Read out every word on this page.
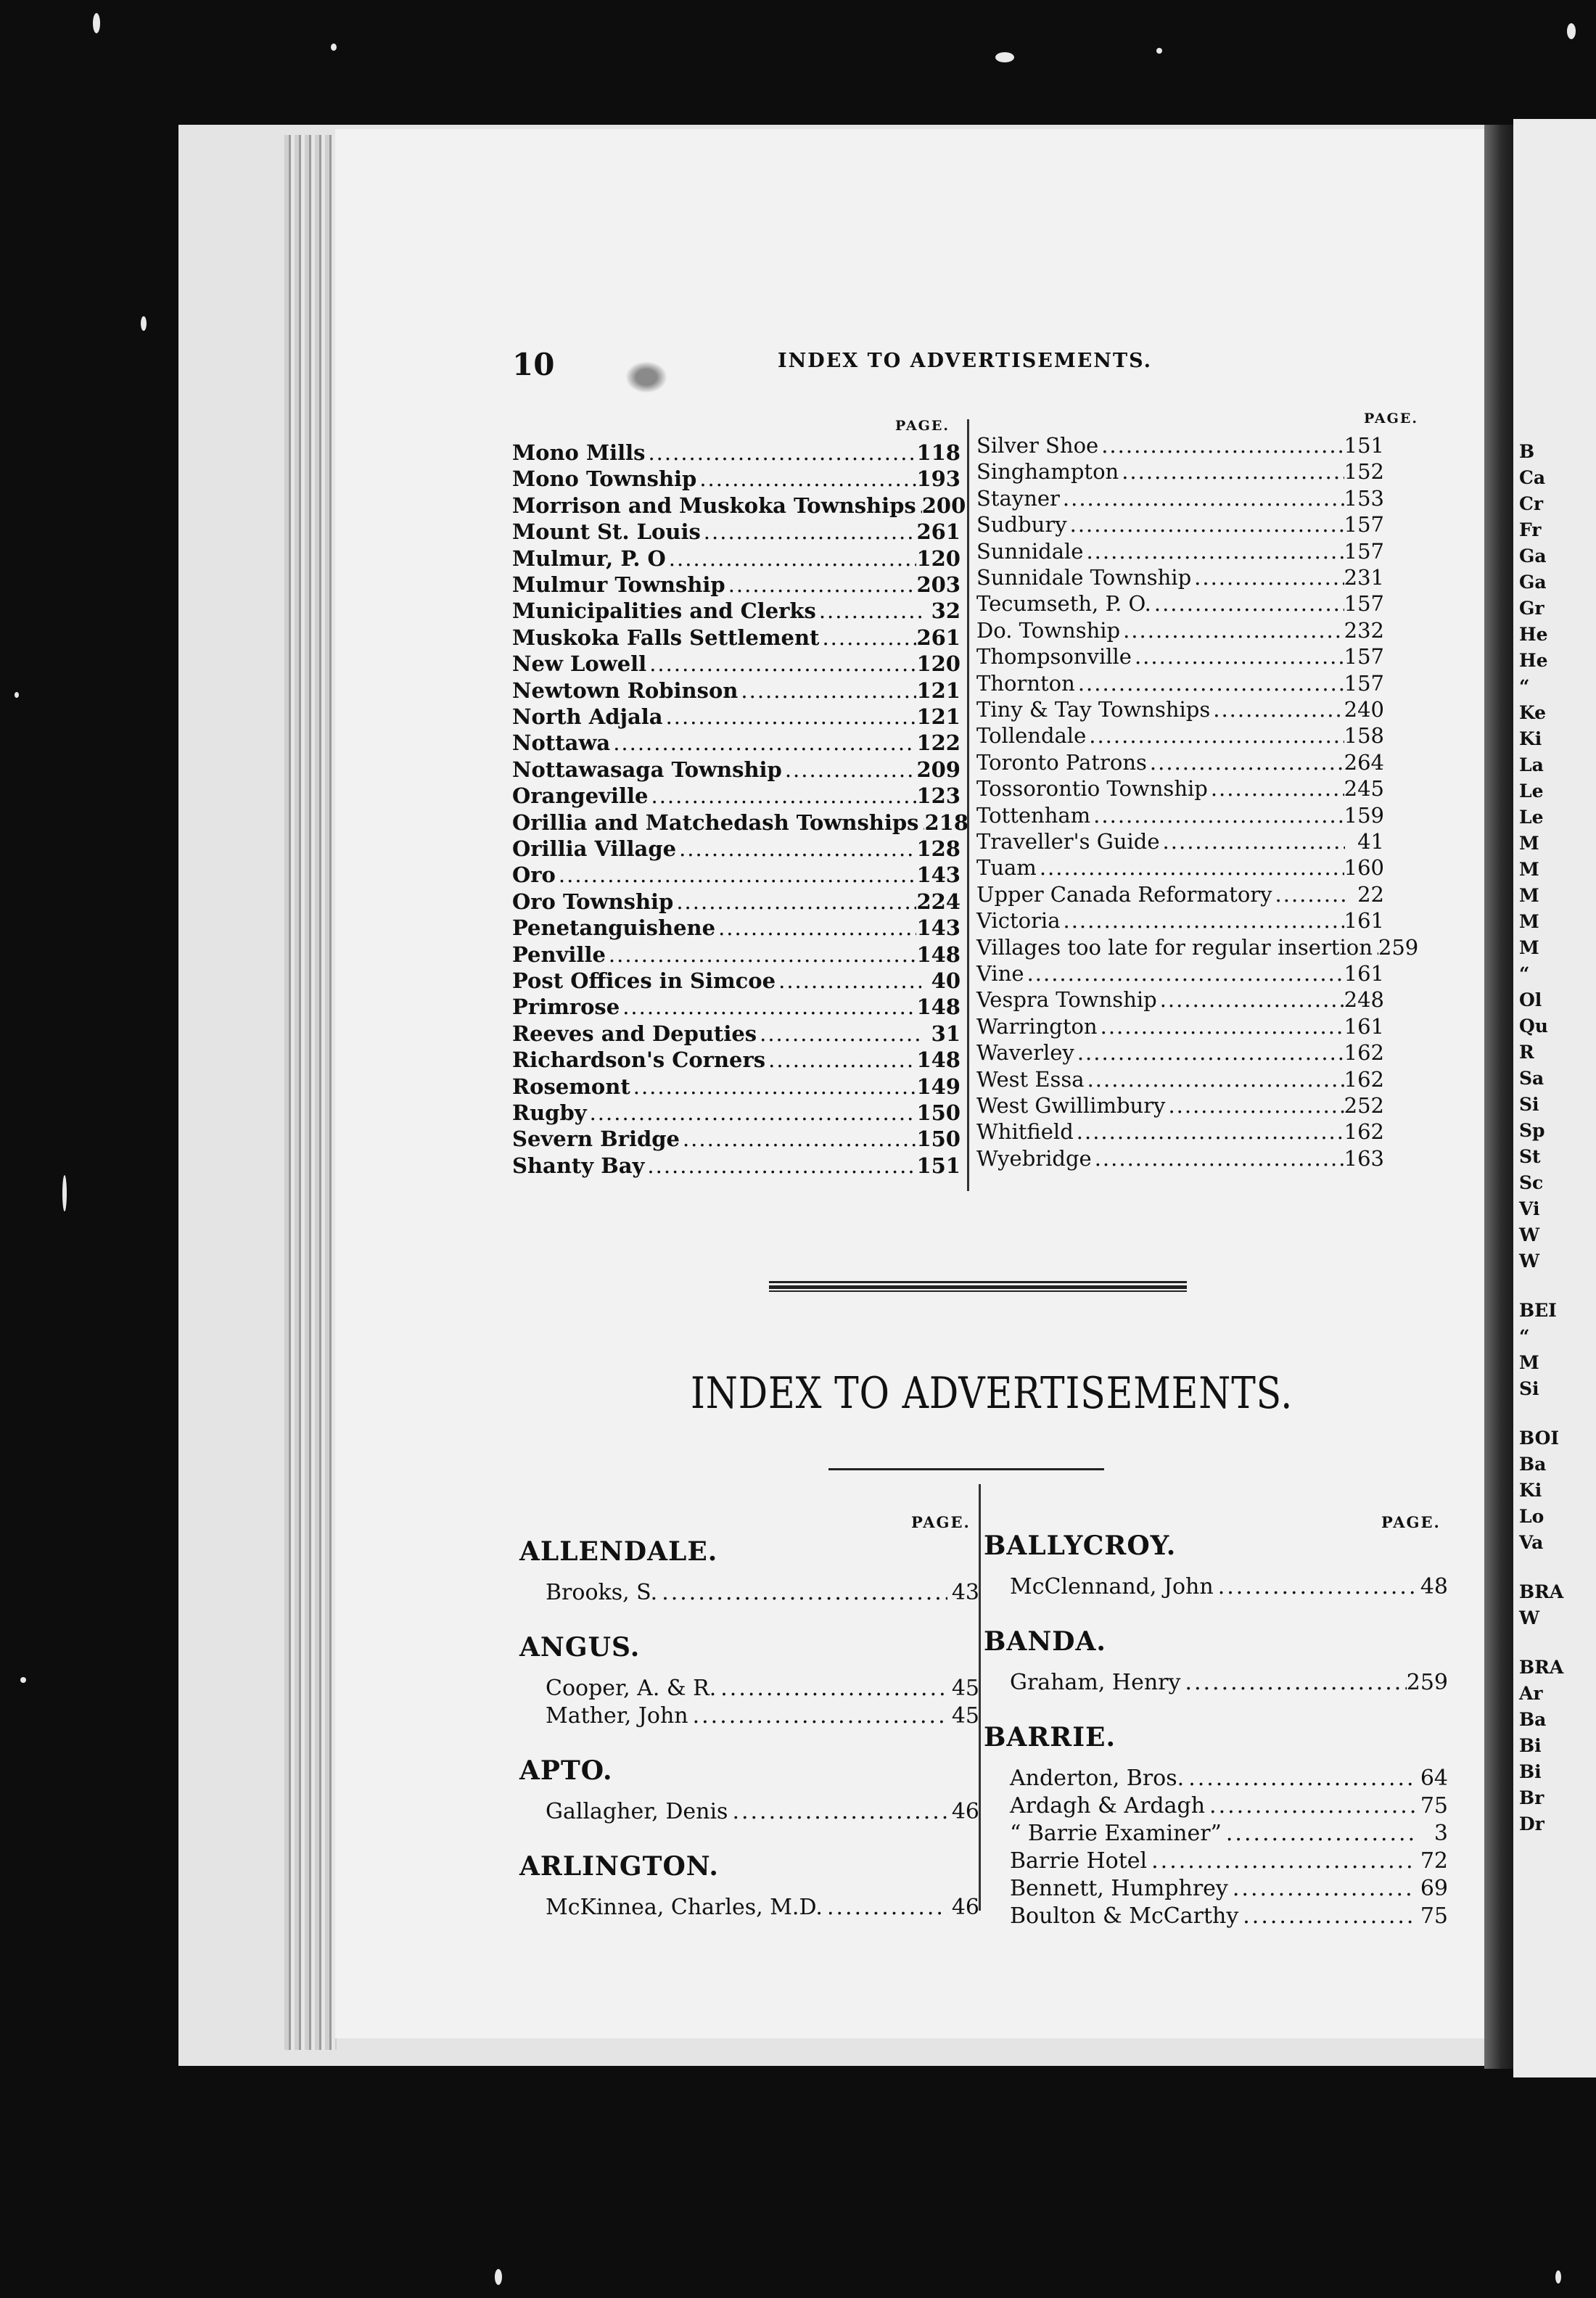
B
Ca
Cr
Fr
Ga
Ga
Gr
He
He
“
Ke
Ki
La
Le
Le
M
M
M
M
M
“
Ol
Qu
R
Sa
Si
Sp
St
Sc
Vi
W
W
BEI
“
M
Si
BOI
Ba
Ki
Lo
Va
BRA
W
BRA
Ar
Ba
Bi
Bi
Br
Dr
10	INDEX TO ADVERTISEMENTS.
PAGE.	PAGE.
Mono Mills .....	118
Mono Township .....	193
Morrison and Muskoka Townships ..... 200
Mount St. Louis .....	261
Mulmur, P. O .....	120
Mulmur Township .....	203
Municipalities and Clerks .....	32
Muskoka Falls Settlement .....	261
New Lowell .....	120
Newtown Robinson .....	121
North Adjala .....	121
Nottawa .....	122
Nottawasaga Township .....	209
Orangeville .....	123
Orillia and Matchedash Townships ..... 218
Orillia Village .....	128
Oro .....	143
Oro Township .....	224
Penetanguishene .....	143
Penville .....	148
Post Offices in Simcoe .....	40
Primrose .....	148
Reeves and Deputies .....	31
Richardson's Corners .....	148
Rosemont .....	149
Rugby .....	150
Severn Bridge .....	150
Shanty Bay .....	151
Silver Shoe .....	151
Singhampton .....	152
Stayner .....	153
Sudbury .....	157
Sunnidale .....	157
Sunnidale Township .....	231
Tecumseth, P. O. .....	157
Do. Township .....	232
Thompsonville .....	157
Thornton .....	157
Tiny & Tay Townships .....	240
Tollendale .....	158
Toronto Patrons .....	264
Tossorontio Township .....	245
Tottenham .....	159
Traveller's Guide .....	41
Tuam .....	160
Upper Canada Reformatory .....	22
Victoria .....	161
Villages too late for regular insertion ..... 259
Vine .....	161
Vespra Township .....	248
Warrington .....	161
Waverley .....	162
West Essa .....	162
West Gwillimbury .....	252
Whitfield .....	162
Wyebridge .....	163
INDEX TO ADVERTISEMENTS.
PAGE.	PAGE.
ALLENDALE.
Brooks, S. .....	43
ANGUS.
Cooper, A. & R. .....	45
Mather, John .....	45
APTO.
Gallagher, Denis .....	46
ARLINGTON.
McKinnea, Charles, M.D. .....	46
BALLYCROY.
McClennand, John .....	48
BANDA.
Graham, Henry .....	259
BARRIE.
Anderton, Bros. .....	64
Ardagh & Ardagh .....	75
“ Barrie Examiner” .....	3
Barrie Hotel .....	72
Bennett, Humphrey .....	69
Boulton & McCarthy .....	75
